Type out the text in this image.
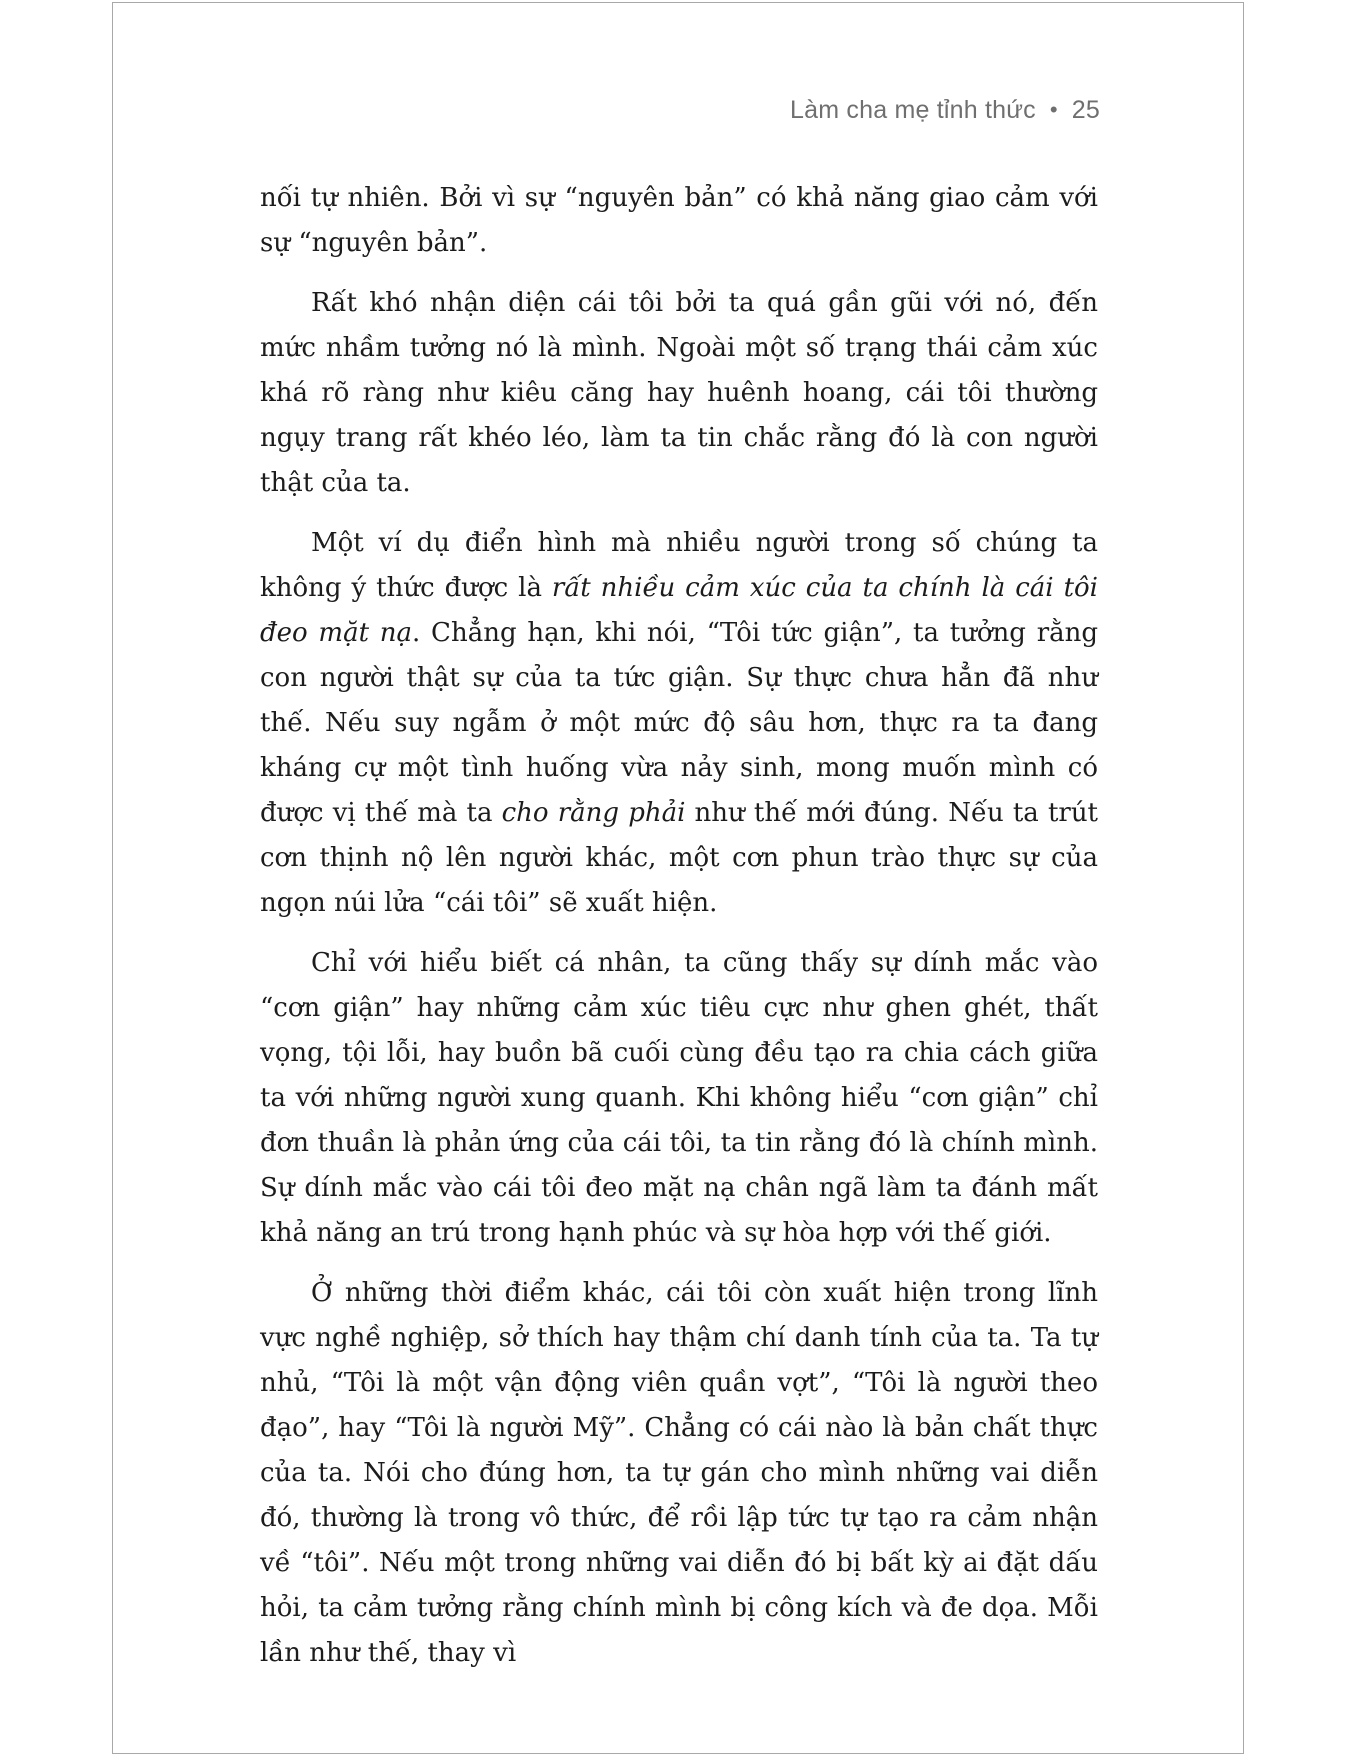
Làm cha mẹ tỉnh thức • 25

nối tự nhiên. Bởi vì sự “nguyên bản” có khả năng giao cảm với sự “nguyên bản”.

Rất khó nhận diện cái tôi bởi ta quá gần gũi với nó, đến mức nhầm tưởng nó là mình. Ngoài một số trạng thái cảm xúc khá rõ ràng như kiêu căng hay huênh hoang, cái tôi thường ngụy trang rất khéo léo, làm ta tin chắc rằng đó là con người thật của ta.

Một ví dụ điển hình mà nhiều người trong số chúng ta không ý thức được là rất nhiều cảm xúc của ta chính là cái tôi đeo mặt nạ. Chẳng hạn, khi nói, “Tôi tức giận”, ta tưởng rằng con người thật sự của ta tức giận. Sự thực chưa hẳn đã như thế. Nếu suy ngẫm ở một mức độ sâu hơn, thực ra ta đang kháng cự một tình huống vừa nảy sinh, mong muốn mình có được vị thế mà ta cho rằng phải như thế mới đúng. Nếu ta trút cơn thịnh nộ lên người khác, một cơn phun trào thực sự của ngọn núi lửa “cái tôi” sẽ xuất hiện.

Chỉ với hiểu biết cá nhân, ta cũng thấy sự dính mắc vào “cơn giận” hay những cảm xúc tiêu cực như ghen ghét, thất vọng, tội lỗi, hay buồn bã cuối cùng đều tạo ra chia cách giữa ta với những người xung quanh. Khi không hiểu “cơn giận” chỉ đơn thuần là phản ứng của cái tôi, ta tin rằng đó là chính mình. Sự dính mắc vào cái tôi đeo mặt nạ chân ngã làm ta đánh mất khả năng an trú trong hạnh phúc và sự hòa hợp với thế giới.

Ở những thời điểm khác, cái tôi còn xuất hiện trong lĩnh vực nghề nghiệp, sở thích hay thậm chí danh tính của ta. Ta tự nhủ, “Tôi là một vận động viên quần vợt”, “Tôi là người theo đạo”, hay “Tôi là người Mỹ”. Chẳng có cái nào là bản chất thực của ta. Nói cho đúng hơn, ta tự gán cho mình những vai diễn đó, thường là trong vô thức, để rồi lập tức tự tạo ra cảm nhận về “tôi”. Nếu một trong những vai diễn đó bị bất kỳ ai đặt dấu hỏi, ta cảm tưởng rằng chính mình bị công kích và đe dọa. Mỗi lần như thế, thay vì
